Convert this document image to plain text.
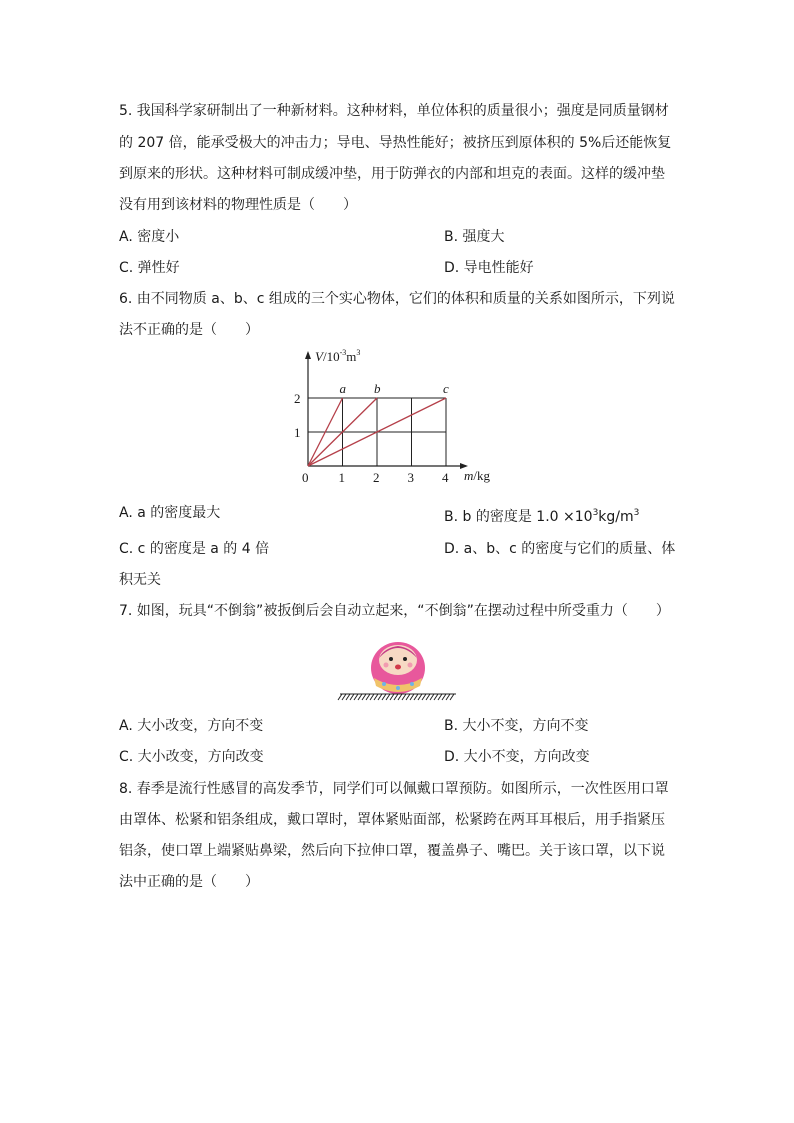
5. 我国科学家研制出了一种新材料。这种材料，单位体积的质量很小；强度是同质量钢材
的 207 倍，能承受极大的冲击力；导电、导热性能好；被挤压到原体积的 5%后还能恢复
到原来的形状。这种材料可制成缓冲垫，用于防弹衣的内部和坦克的表面。这样的缓冲垫
没有用到该材料的物理性质是（　　）
A. 密度小	B. 强度大
C. 弹性好	D. 导电性能好
6. 由不同物质 a、b、c 组成的三个实心物体，它们的体积和质量的关系如图所示，下列说
法不正确的是（　　）
a b	c
0 1 2 3 4
1
2
$V/10^{-3}m^3$
m/kg
A. a 的密度最大	B. b 的密度是 $1.0 \times 10^3kg/m^3$
C. c 的密度是 a 的 4 倍	D. a、b、c 的密度与它们的质量、体
积无关
7. 如图，玩具“不倒翁”被扳倒后会自动立起来，“不倒翁”在摆动过程中所受重力（　　）
A. 大小改变，方向不变	B. 大小不变，方向不变
C. 大小改变，方向改变	D. 大小不变，方向改变
8. 春季是流行性感冒的高发季节，同学们可以佩戴口罩预防。如图所示，一次性医用口罩
由罩体、松紧和铝条组成，戴口罩时，罩体紧贴面部，松紧跨在两耳耳根后，用手指紧压
铝条，使口罩上端紧贴鼻梁，然后向下拉伸口罩，覆盖鼻子、嘴巴。关于该口罩，以下说
法中正确的是（　　）
